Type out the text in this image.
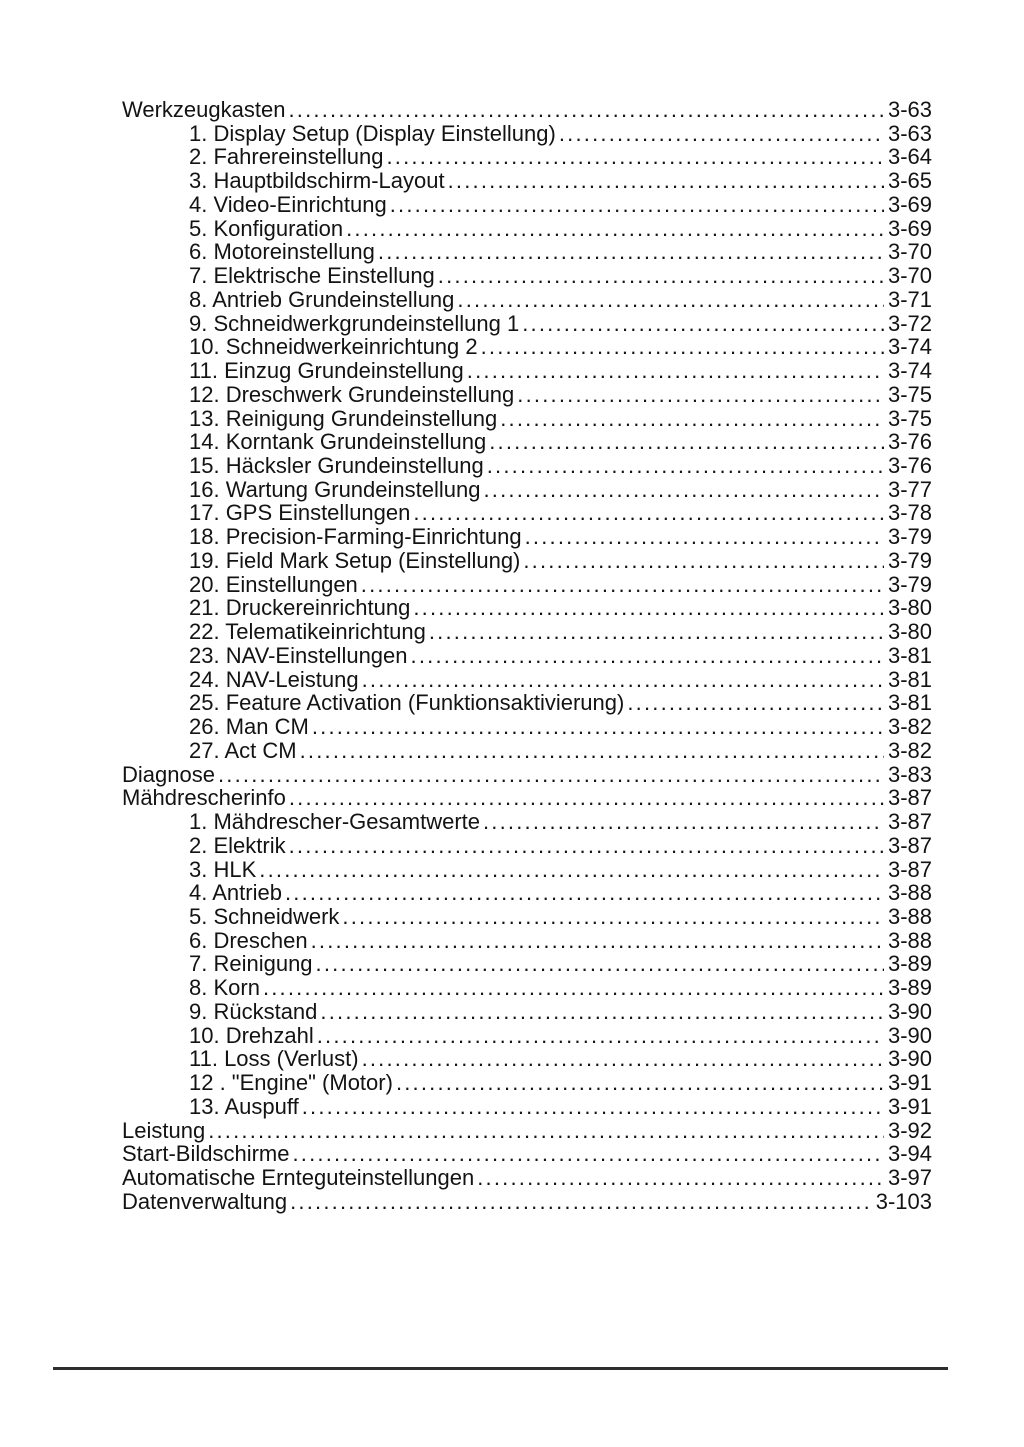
Werkzeugkasten .....	3-63
1. Display Setup (Display Einstellung) .....	3-63
2. Fahrereinstellung .....	3-64
3. Hauptbildschirm-Layout .....	3-65
4. Video-Einrichtung .....	3-69
5. Konfiguration .....	3-69
6. Motoreinstellung .....	3-70
7. Elektrische Einstellung .....	3-70
8. Antrieb Grundeinstellung .....	3-71
9. Schneidwerkgrundeinstellung 1 .....	3-72
10. Schneidwerkeinrichtung 2 .....	3-74
11. Einzug Grundeinstellung .....	3-74
12. Dreschwerk Grundeinstellung .....	3-75
13. Reinigung Grundeinstellung .....	3-75
14. Korntank Grundeinstellung .....	3-76
15. Häcksler Grundeinstellung .....	3-76
16. Wartung Grundeinstellung .....	3-77
17. GPS Einstellungen .....	3-78
18. Precision-Farming-Einrichtung .....	3-79
19. Field Mark Setup (Einstellung) .....	3-79
20. Einstellungen .....	3-79
21. Druckereinrichtung .....	3-80
22. Telematikeinrichtung .....	3-80
23. NAV-Einstellungen .....	3-81
24. NAV-Leistung .....	3-81
25. Feature Activation (Funktionsaktivierung) .....	3-81
26. Man CM .....	3-82
27. Act CM .....	3-82
Diagnose .....	3-83
Mähdrescherinfo .....	3-87
1. Mähdrescher-Gesamtwerte .....	3-87
2. Elektrik .....	3-87
3. HLK .....	3-87
4. Antrieb .....	3-88
5. Schneidwerk .....	3-88
6. Dreschen .....	3-88
7. Reinigung .....	3-89
8. Korn .....	3-89
9. Rückstand .....	3-90
10. Drehzahl .....	3-90
11. Loss (Verlust) .....	3-90
12 . "Engine" (Motor) .....	3-91
13. Auspuff .....	3-91
Leistung .....	3-92
Start-Bildschirme .....	3-94
Automatische Ernteguteinstellungen .....	3-97
Datenverwaltung .....	3-103
